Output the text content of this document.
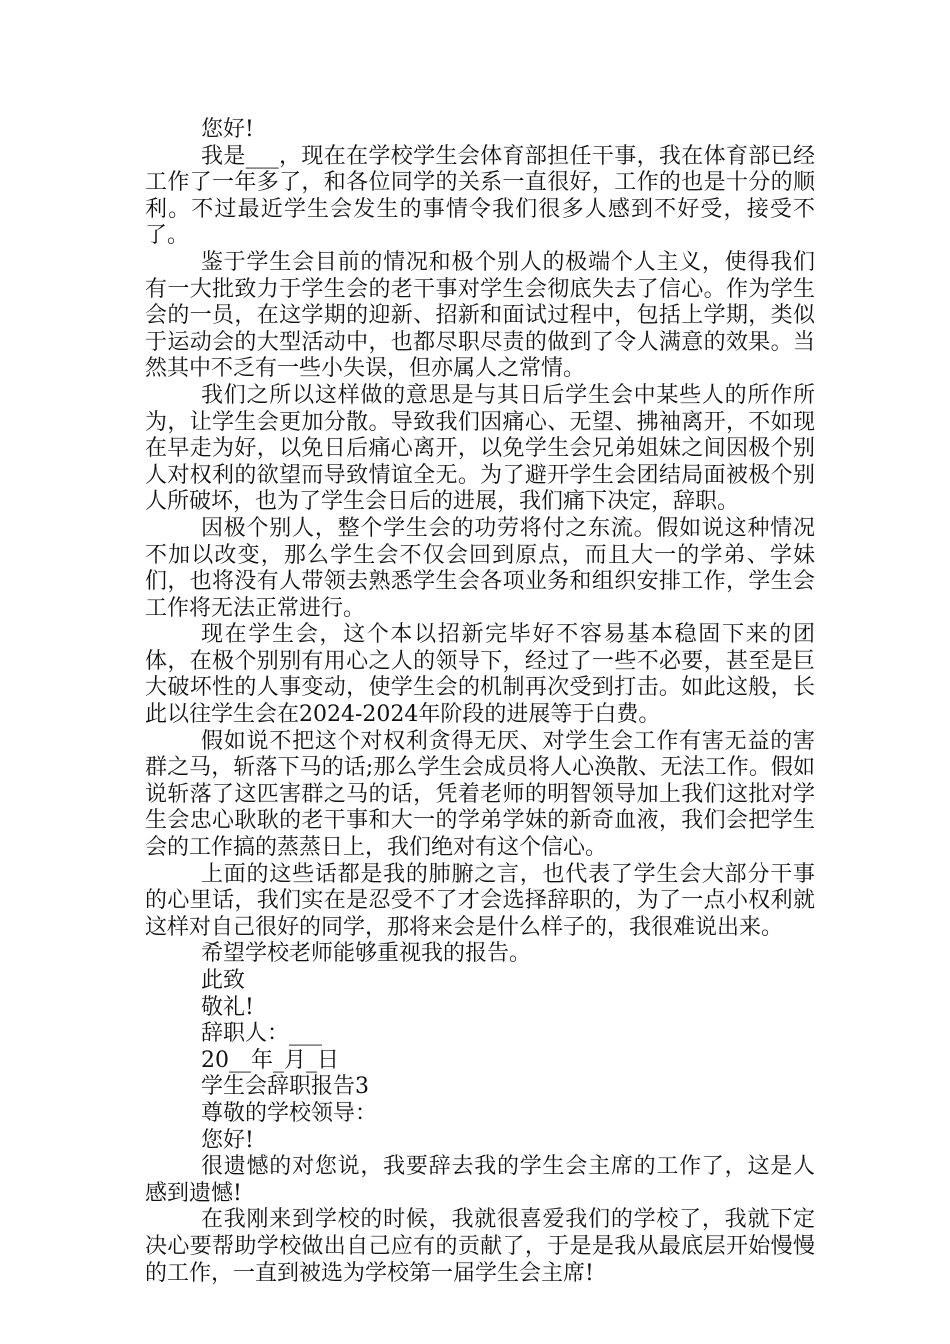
您好!

我是___，现在在学校学生会体育部担任干事，我在体育部已经工作了一年多了，和各位同学的关系一直很好，工作的也是十分的顺利。不过最近学生会发生的事情令我们很多人感到不好受，接受不了。

鉴于学生会目前的情况和极个别人的极端个人主义，使得我们有一大批致力于学生会的老干事对学生会彻底失去了信心。作为学生会的一员，在这学期的迎新、招新和面试过程中，包括上学期，类似于运动会的大型活动中，也都尽职尽责的做到了令人满意的效果。当然其中不乏有一些小失误，但亦属人之常情。

我们之所以这样做的意思是与其日后学生会中某些人的所作所为，让学生会更加分散。导致我们因痛心、无望、拂袖离开，不如现在早走为好，以免日后痛心离开，以免学生会兄弟姐妹之间因极个别人对权利的欲望而导致情谊全无。为了避开学生会团结局面被极个别人所破坏，也为了学生会日后的进展，我们痛下决定，辞职。

因极个别人，整个学生会的功劳将付之东流。假如说这种情况不加以改变，那么学生会不仅会回到原点，而且大一的学弟、学妹们，也将没有人带领去熟悉学生会各项业务和组织安排工作，学生会工作将无法正常进行。

现在学生会，这个本以招新完毕好不容易基本稳固下来的团体，在极个别别有用心之人的领导下，经过了一些不必要，甚至是巨大破坏性的人事变动，使学生会的机制再次受到打击。如此这般，长此以往学生会在2024-2024年阶段的进展等于白费。

假如说不把这个对权利贪得无厌、对学生会工作有害无益的害群之马，斩落下马的话;那么学生会成员将人心涣散、无法工作。假如说斩落了这匹害群之马的话，凭着老师的明智领导加上我们这批对学生会忠心耿耿的老干事和大一的学弟学妹的新奇血液，我们会把学生会的工作搞的蒸蒸日上，我们绝对有这个信心。

上面的这些话都是我的肺腑之言，也代表了学生会大部分干事的心里话，我们实在是忍受不了才会选择辞职的，为了一点小权利就这样对自己很好的同学，那将来会是什么样子的，我很难说出来。

希望学校老师能够重视我的报告。

此致

敬礼!

辞职人：___

20__年_月_日

学生会辞职报告3

尊敬的学校领导：

您好!

很遗憾的对您说，我要辞去我的学生会主席的工作了，这是人感到遗憾!

在我刚来到学校的时候，我就很喜爱我们的学校了，我就下定决心要帮助学校做出自己应有的贡献了，于是是我从最底层开始慢慢的工作，一直到被选为学校第一届学生会主席!
